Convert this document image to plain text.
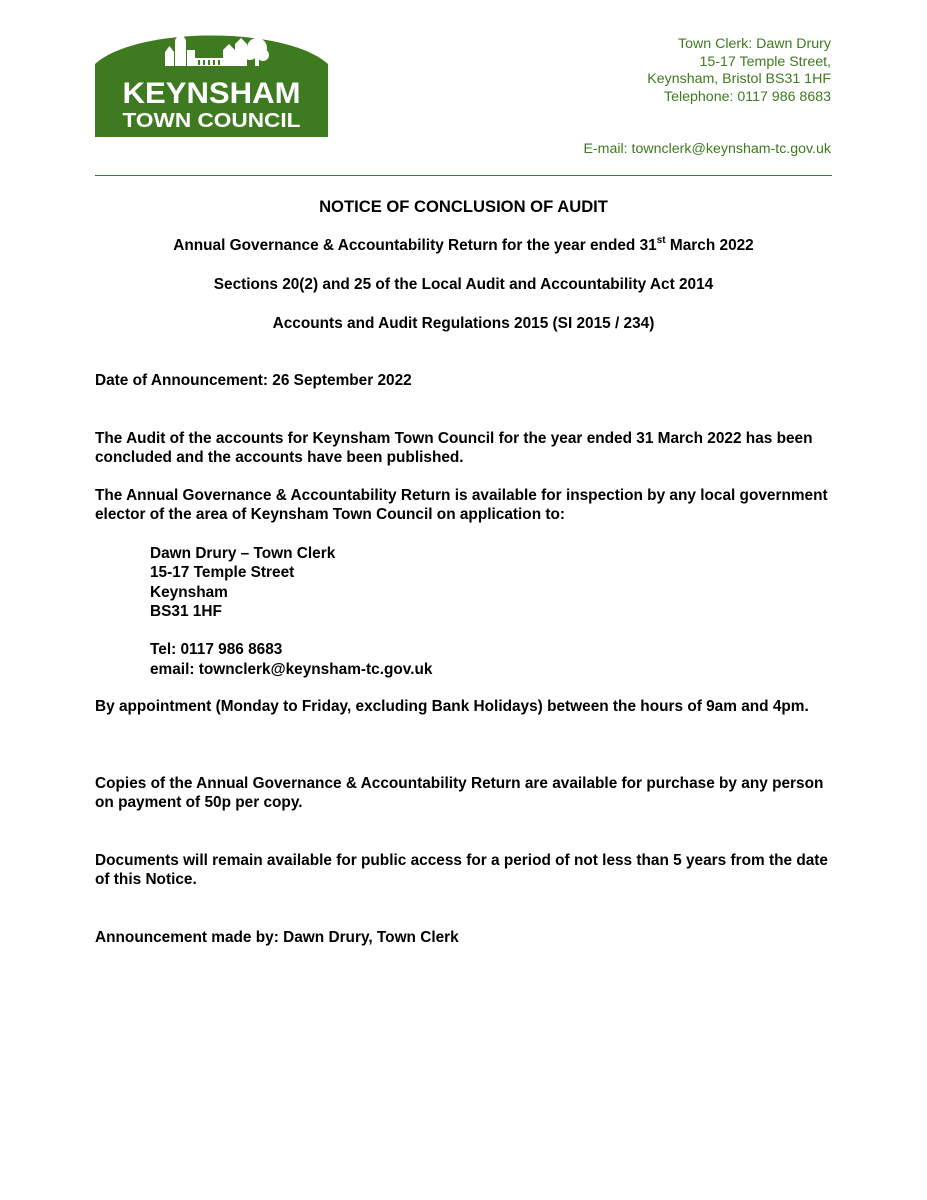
KEYNSHAM
TOWN COUNCIL
Town Clerk: Dawn Drury
15-17 Temple Street,
Keynsham, Bristol BS31 1HF
Telephone: 0117 986 8683
E-mail: townclerk@keynsham-tc.gov.uk
NOTICE OF CONCLUSION OF AUDIT
Annual Governance & Accountability Return for the year ended 31st March 2022
Sections 20(2) and 25 of the Local Audit and Accountability Act 2014
Accounts and Audit Regulations 2015 (SI 2015 / 234)
Date of Announcement: 26 September 2022
The Audit of the accounts for Keynsham Town Council for the year ended 31 March 2022 has been concluded and the accounts have been published.
The Annual Governance & Accountability Return is available for inspection by any local government elector of the area of Keynsham Town Council on application to:
Dawn Drury – Town Clerk
15-17 Temple Street
Keynsham
BS31 1HF
Tel: 0117 986 8683
email: townclerk@keynsham-tc.gov.uk
By appointment (Monday to Friday, excluding Bank Holidays) between the hours of 9am and 4pm.
Copies of the Annual Governance & Accountability Return are available for purchase by any person on payment of 50p per copy.
Documents will remain available for public access for a period of not less than 5 years from the date of this Notice.
Announcement made by: Dawn Drury, Town Clerk
